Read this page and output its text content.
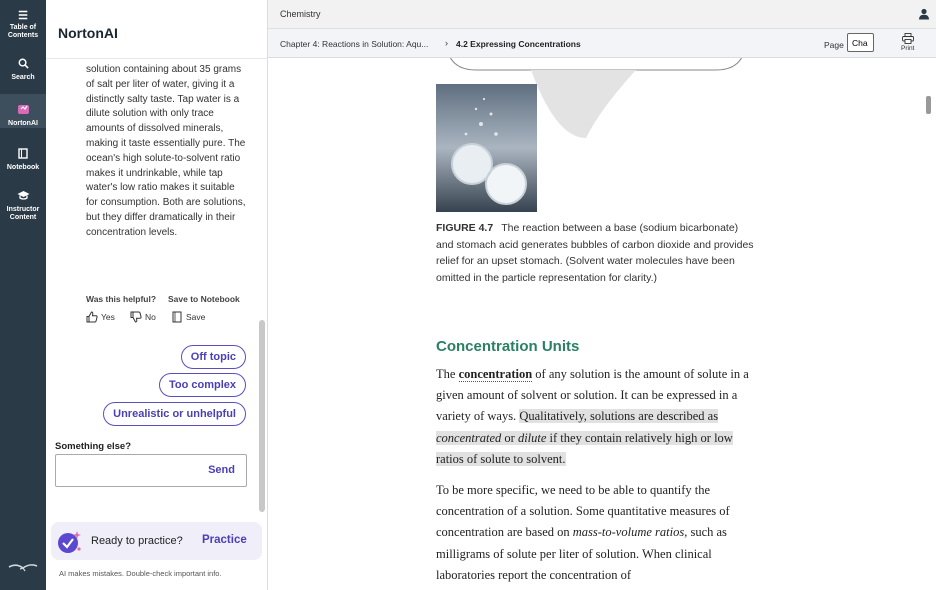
☰
Table of Contents
Search
NortonAI
Notebook
Instructor Content
NortonAI
solution containing about 35 grams of salt per liter of water, giving it a distinctly salty taste. Tap water is a dilute solution with only trace amounts of dissolved minerals, making it taste essentially pure. The ocean's high solute-to-solvent ratio makes it undrinkable, while tap water's low ratio makes it suitable for consumption. Both are solutions, but they differ dramatically in their concentration levels.
Was this helpful? Save to Notebook
Yes	No	Save
Off topic
Too complex
Unrealistic or unhelpful
Something else?
Send
Ready to practice? Practice
AI makes mistakes. Double-check important info.
Chemistry
Chapter 4: Reactions in Solution: Aqu... › 4.2 Expressing Concentrations	Page
Cha	Print
FIGURE 4.7 The reaction between a base (sodium bicarbonate) and stomach acid generates bubbles of carbon dioxide and provides relief for an upset stomach. (Solvent water molecules have been omitted in the particle representation for clarity.)
Concentration Units

The concentration of any solution is the amount of solute in a given amount of solvent or solution. It can be expressed in a variety of ways. Qualitatively, solutions are described as concentrated or dilute if they contain relatively high or low ratios of solute to solvent.

To be more specific, we need to be able to quantify the concentration of a solution. Some quantitative measures of concentration are based on mass-to-volume ratios, such as milligrams of solute per liter of solution. When clinical laboratories report the concentration of
